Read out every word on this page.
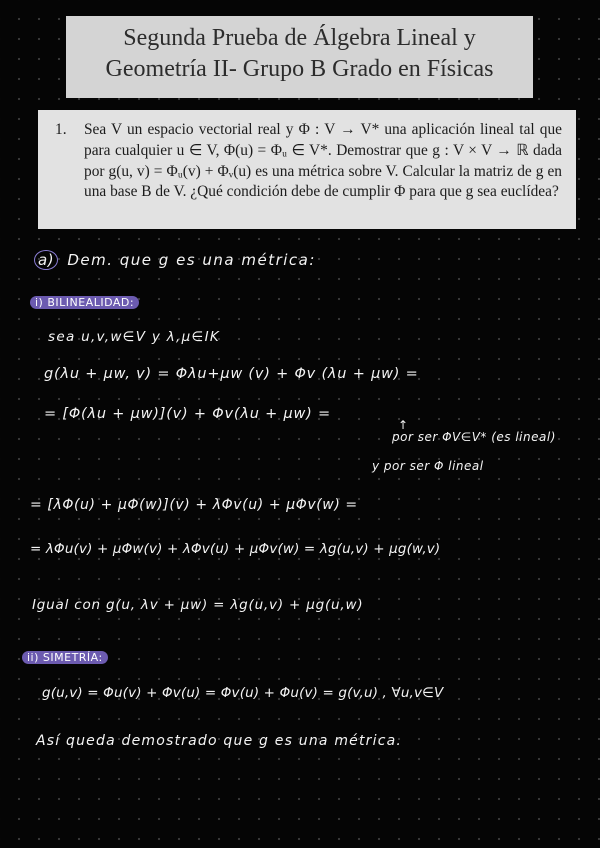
Segunda Prueba de Álgebra Lineal y
Geometría II- Grupo B Grado en Físicas
1. Sea V un espacio vectorial real y Φ : V → V* una aplicación lineal tal que para cualquier u ∈ V, Φ(u) = Φᵤ ∈ V*. Demostrar que g : V × V → ℝ dada por g(u, v) = Φᵤ(v) + Φᵥ(u) es una métrica sobre V. Calcular la matriz de g en una base B de V. ¿Qué condición debe de cumplir Φ para que g sea euclídea?
a) Dem. que g es una métrica:
i) BILINEALIDAD:
sea u,v,w∈V y λ,μ∈IK
g(λu + μw, v) = Φλu+μw (v) + Φv (λu + μw) =
= [Φ(λu + μw)](v) + Φv(λu + μw) =
↑
por ser ΦV∈V* (es lineal)
y por ser Φ lineal
= [λΦ(u) + μΦ(w)](v) + λΦv(u) + μΦv(w) =
= λΦu(v) + μΦw(v) + λΦv(u) + μΦv(w) = λg(u,v) + μg(w,v)
Igual con g(u, λv + μw) = λg(u,v) + μg(u,w)
ii) SIMETRÍA:
g(u,v) = Φu(v) + Φv(u) = Φv(u) + Φu(v) = g(v,u) , ∀u,v∈V
Así queda demostrado que g es una métrica.
